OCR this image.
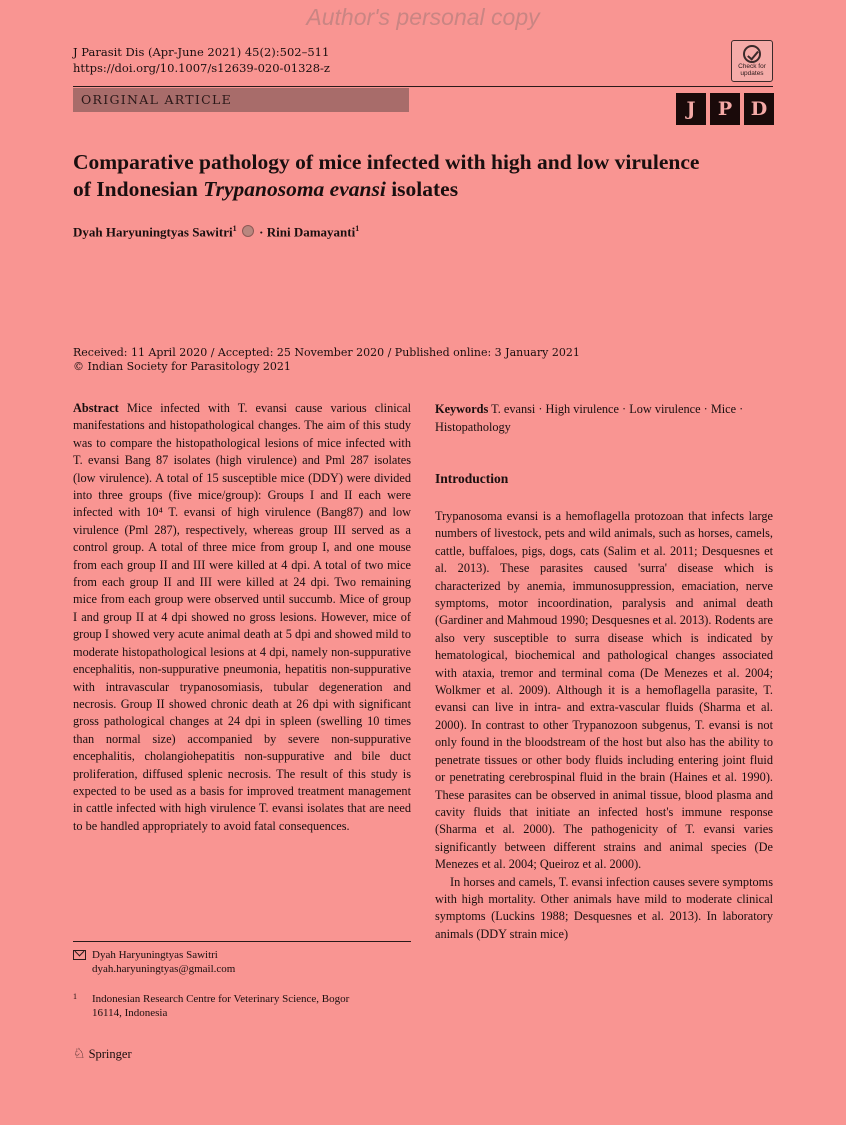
Author's personal copy
J Parasit Dis (Apr-June 2021) 45(2):502–511
https://doi.org/10.1007/s12639-020-01328-z	Check for updates
ORIGINAL ARTICLE	J	P D
Comparative pathology of mice infected with high and low virulence of Indonesian Trypanosoma evansi isolates
Dyah Haryuningtyas Sawitri$^1$  · Rini Damayanti$^1$
Received: 11 April 2020 / Accepted: 25 November 2020 / Published online: 3 January 2021
© Indian Society for Parasitology 2021
Abstract Mice infected with T. evansi cause various clinical manifestations and histopathological changes. The aim of this study was to compare the histopathological lesions of mice infected with T. evansi Bang 87 isolates (high virulence) and Pml 287 isolates (low virulence). A total of 15 susceptible mice (DDY) were divided into three groups (five mice/group): Groups I and II each were infected with 10⁴ T. evansi of high virulence (Bang87) and low virulence (Pml 287), respectively, whereas group III served as a control group. A total of three mice from group I, and one mouse from each group II and III were killed at 4 dpi. A total of two mice from each group II and III were killed at 24 dpi. Two remaining mice from each group were observed until succumb. Mice of group I and group II at 4 dpi showed no gross lesions. However, mice of group I showed very acute animal death at 5 dpi and showed mild to moderate histopathological lesions at 4 dpi, namely non-suppurative encephalitis, non-suppurative pneumonia, hepatitis non-suppurative with intravascular trypanosomiasis, tubular degeneration and necrosis. Group II showed chronic death at 26 dpi with significant gross pathological changes at 24 dpi in spleen (swelling 10 times than normal size) accompanied by severe non-suppurative encephalitis, cholangiohepatitis non-suppurative and bile duct proliferation, diffused splenic necrosis. The result of this study is expected to be used as a basis for improved treatment management in cattle infected with high virulence T. evansi isolates that are need to be handled appropriately to avoid fatal consequences.
Keywords T. evansi · High virulence · Low virulence · Mice · Histopathology
Introduction

Trypanosoma evansi is a hemoflagella protozoan that infects large numbers of livestock, pets and wild animals, such as horses, camels, cattle, buffaloes, pigs, dogs, cats (Salim et al. 2011; Desquesnes et al. 2013). These parasites caused 'surra' disease which is characterized by anemia, immunosuppression, emaciation, nerve symptoms, motor incoordination, paralysis and animal death (Gardiner and Mahmoud 1990; Desquesnes et al. 2013). Rodents are also very susceptible to surra disease which is indicated by hematological, biochemical and pathological changes associated with ataxia, tremor and terminal coma (De Menezes et al. 2004; Wolkmer et al. 2009). Although it is a hemoflagella parasite, T. evansi can live in intra- and extra-vascular fluids (Sharma et al. 2000). In contrast to other Trypanozoon subgenus, T. evansi is not only found in the bloodstream of the host but also has the ability to penetrate tissues or other body fluids including entering joint fluid or penetrating cerebrospinal fluid in the brain (Haines et al. 1990). These parasites can be observed in animal tissue, blood plasma and cavity fluids that initiate an infected host's immune response (Sharma et al. 2000). The pathogenicity of T. evansi varies significantly between different strains and animal species (De Menezes et al. 2004; Queiroz et al. 2000).

In horses and camels, T. evansi infection causes severe symptoms with high mortality. Other animals have mild to moderate clinical symptoms (Luckins 1988; Desquesnes et al. 2013). In laboratory animals (DDY strain mice)

Dyah Haryuningtyas Sawitri
dyah.haryuningtyas@gmail.com
1 Indonesian Research Centre for Veterinary Science, Bogor
16114, Indonesia
♘ Springer
